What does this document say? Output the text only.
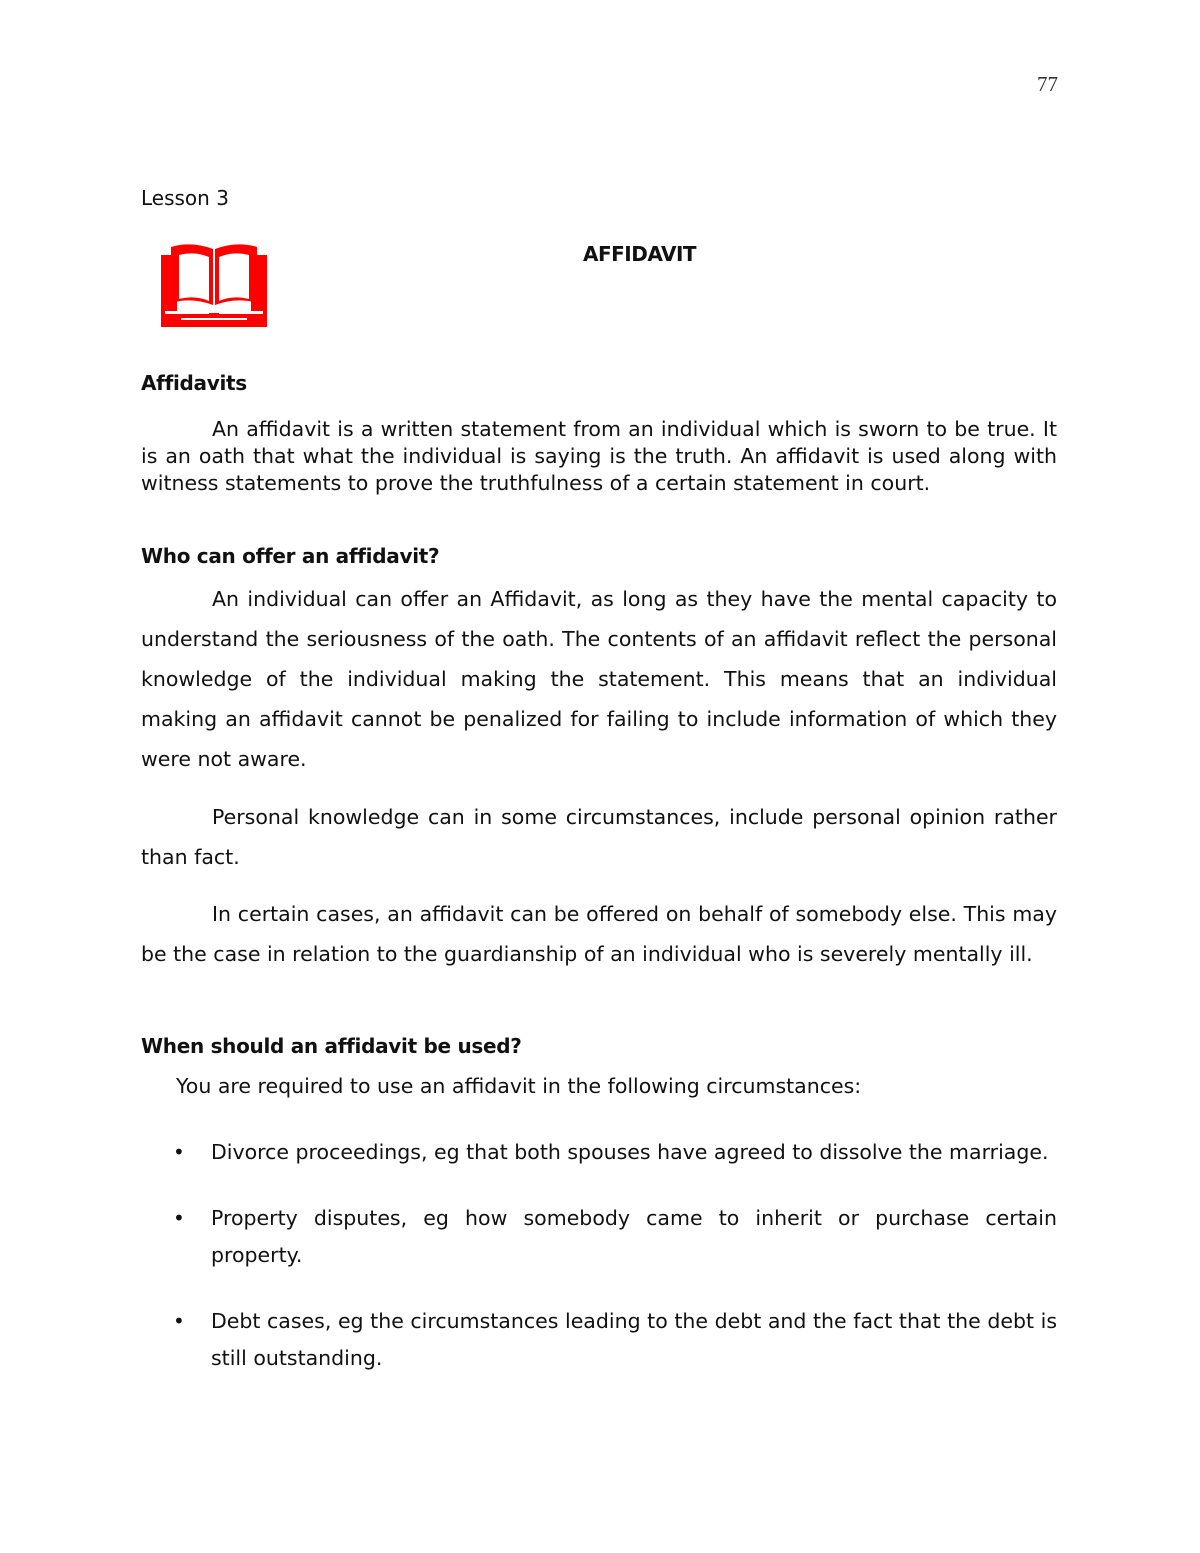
77
Lesson 3
AFFIDAVIT
Affidavits

An affidavit is a written statement from an individual which is sworn to be true. It is an oath that what the individual is saying is the truth. An affidavit is used along with witness statements to prove the truthfulness of a certain statement in court.

Who can offer an affidavit?

An individual can offer an Affidavit, as long as they have the mental capacity to understand the seriousness of the oath. The contents of an affidavit reflect the personal knowledge of the individual making the statement. This means that an individual making an affidavit cannot be penalized for failing to include information of which they were not aware.

Personal knowledge can in some circumstances, include personal opinion rather than fact.

In certain cases, an affidavit can be offered on behalf of somebody else. This may be the case in relation to the guardianship of an individual who is severely mentally ill.

When should an affidavit be used?

You are required to use an affidavit in the following circumstances:

• Divorce proceedings, eg that both spouses have agreed to dissolve the marriage.
• Property disputes, eg how somebody came to inherit or purchase certain property.
• Debt cases, eg the circumstances leading to the debt and the fact that the debt is still outstanding.
